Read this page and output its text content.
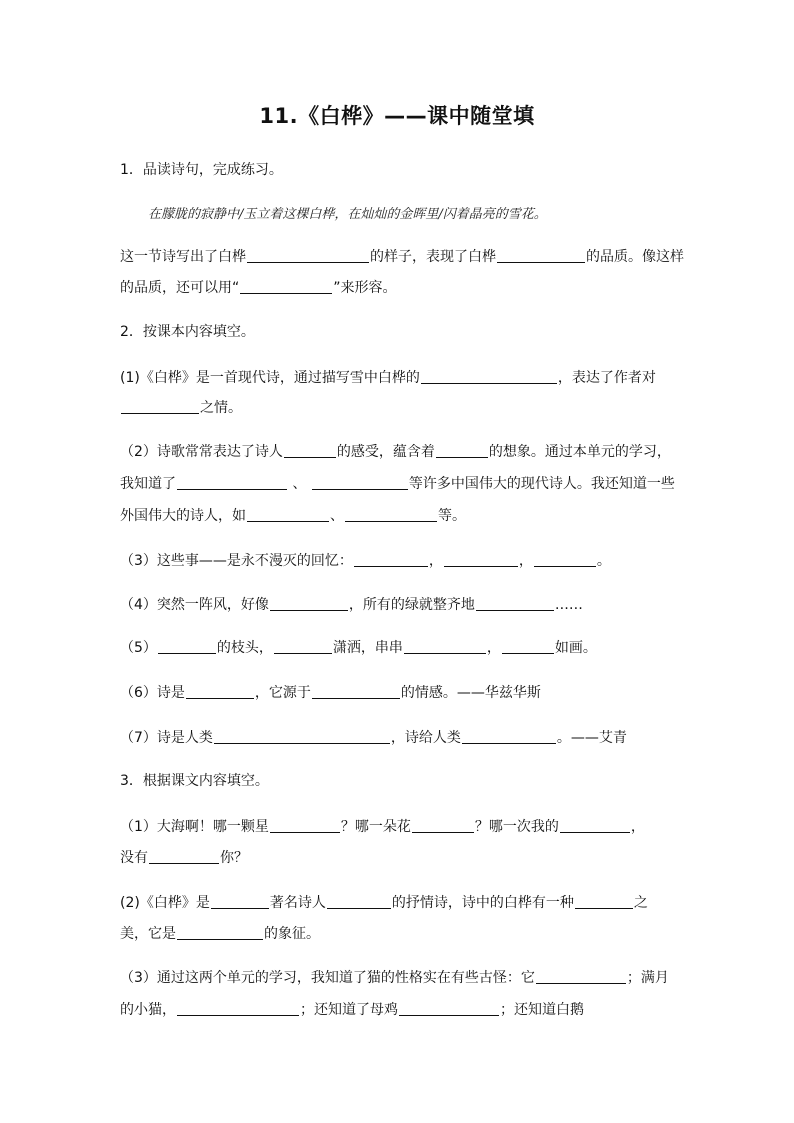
11.《白桦》——课中随堂填
1．品读诗句，完成练习。
在朦胧的寂静中/玉立着这棵白桦，在灿灿的金晖里/闪着晶亮的雪花。
这一节诗写出了白桦	的样子，表现了白桦	的品质。像这样
的品质，还可以用“	”来形容。
2．按课本内容填空。
(1)《白桦》是一首现代诗，通过描写雪中白桦的	，表达了作者对
之情。
（2）诗歌常常表达了诗人	的感受，蕴含着	的想象。通过本单元的学习，
我知道了	、	等许多中国伟大的现代诗人。我还知道一些
外国伟大的诗人，如	、	等。
（3）这些事——是永不漫灭的回忆：	，	，	。
（4）突然一阵风，好像	，所有的绿就整齐地	……
（5）	的枝头，	潇洒，串串	，	如画。
（6）诗是	，它源于	的情感。——华兹华斯
（7）诗是人类	，诗给人类	。——艾青
3．根据课文内容填空。
（1）大海啊！哪一颗星	？哪一朵花	？哪一次我的	，
没有	你？
(2)《白桦》是	著名诗人	的抒情诗，诗中的白桦有一种	之
美，它是	的象征。
（3）通过这两个单元的学习，我知道了猫的性格实在有些古怪：它	；满月
的小猫，	；还知道了母鸡	；还知道白鹅
